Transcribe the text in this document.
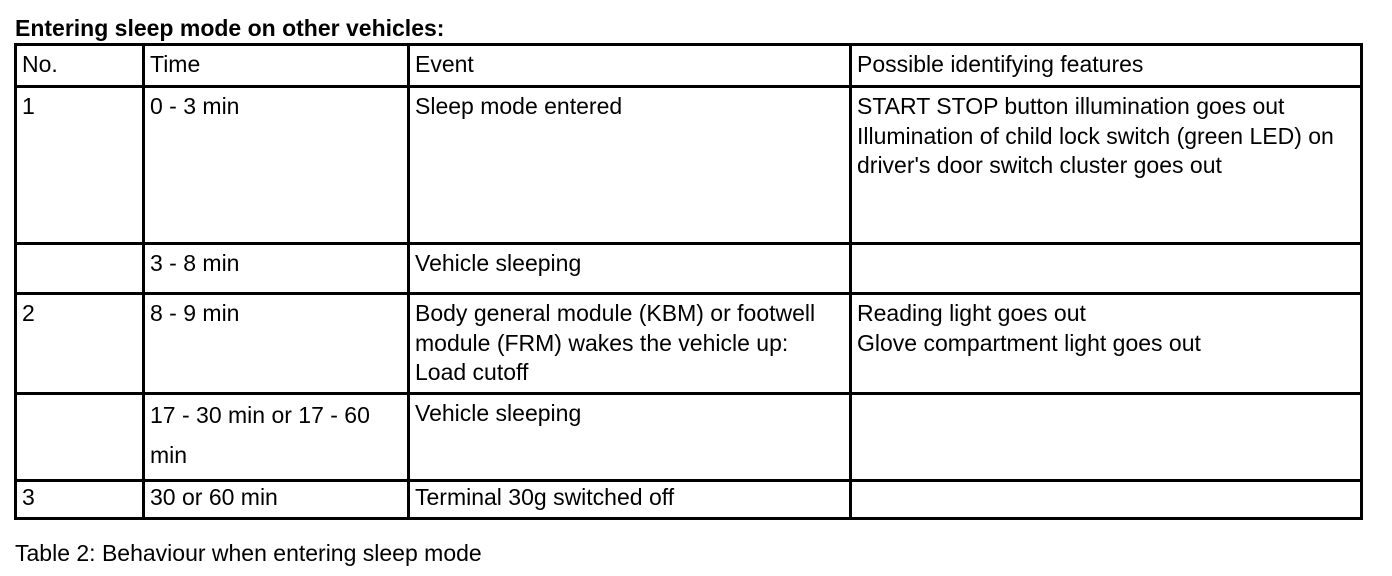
Entering sleep mode on other vehicles:
No.	Time	Event	Possible identifying features
1	0 - 3 min	Sleep mode entered	START STOP button illumination goes out
Illumination of child lock switch (green LED) on driver's door switch cluster goes out

	3 - 8 min	Vehicle sleeping	
2	8 - 9 min	Body general module (KBM) or footwell module (FRM) wakes the vehicle up: Load cutoff	Reading light goes out
Glove compartment light goes out

	17 - 30 min or 17 - 60 min	Vehicle sleeping	
3	30 or 60 min	Terminal 30g switched off	
Table 2: Behaviour when entering sleep mode
